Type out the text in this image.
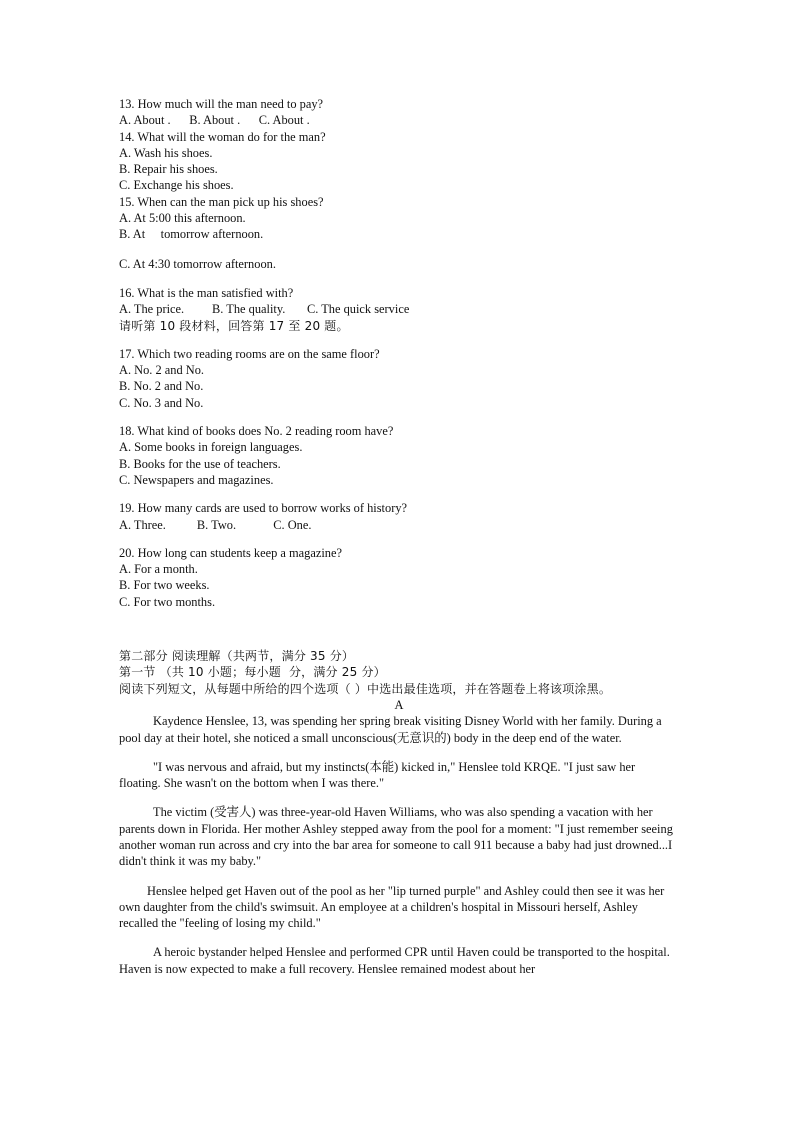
13. How much will the man need to pay?
A. About .      B. About .      C. About .
14. What will the woman do for the man?
A. Wash his shoes.
B. Repair his shoes.
C. Exchange his shoes.
15. When can the man pick up his shoes?
A. At 5:00 this afternoon.
B. At     tomorrow afternoon.
C. At 4:30 tomorrow afternoon.
16. What is the man satisfied with?
A. The price.         B. The quality.       C. The quick service
请听第 10 段材料，回答第 17 至 20 题。
17. Which two reading rooms are on the same floor?
A. No. 2 and No.
B. No. 2 and No.
C. No. 3 and No.
18. What kind of books does No. 2 reading room have?
A. Some books in foreign languages.
B. Books for the use of teachers.
C. Newspapers and magazines.
19. How many cards are used to borrow works of history?
A. Three.          B. Two.            C. One.
20. How long can students keep a magazine?
A. For a month.
B. For two weeks.
C. For two months.
第二部分 阅读理解（共两节，满分 35 分）
第一节 （共 10 小题；每小题  分，满分 25 分）
阅读下列短文，从每题中所给的四个选项（ ）中选出最佳选项，并在答题卷上将该项涂黑。
A

Kaydence Henslee, 13, was spending her spring break visiting Disney World with her family. During a pool day at their hotel, she noticed a small unconscious(无意识的) body in the deep end of the water.

"I was nervous and afraid, but my instincts(本能) kicked in," Henslee told KRQE. "I just saw her floating. She wasn't on the bottom when I was there."

The victim (受害人) was three-year-old Haven Williams, who was also spending a vacation with her parents down in Florida. Her mother Ashley stepped away from the pool for a moment: "I just remember seeing another woman run across and cry into the bar area for someone to call 911 because a baby had just drowned...I didn't think it was my baby."

Henslee helped get Haven out of the pool as her "lip turned purple" and Ashley could then see it was her own daughter from the child's swimsuit. An employee at a children's hospital in Missouri herself, Ashley recalled the "feeling of losing my child."

A heroic bystander helped Henslee and performed CPR until Haven could be transported to the hospital. Haven is now expected to make a full recovery. Henslee remained modest about her
